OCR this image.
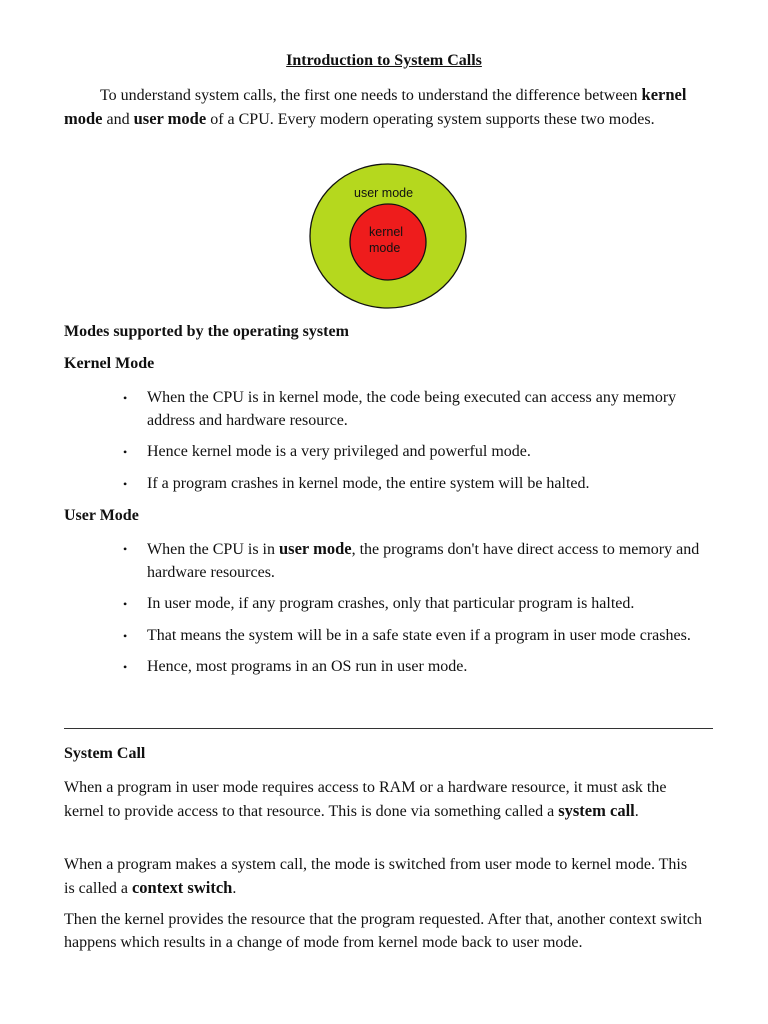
Introduction to System Calls

To understand system calls, the first one needs to understand the difference between kernel mode and user mode of a CPU. Every modern operating system supports these two modes.

user mode
kernel
mode
Modes supported by the operating system
Kernel Mode
• When the CPU is in kernel mode, the code being executed can access any memory address and hardware resource.
• Hence kernel mode is a very privileged and powerful mode.
• If a program crashes in kernel mode, the entire system will be halted.
User Mode
• When the CPU is in user mode, the programs don't have direct access to memory and hardware resources.
• In user mode, if any program crashes, only that particular program is halted.
• That means the system will be in a safe state even if a program in user mode crashes.
• Hence, most programs in an OS run in user mode.
System Call

When a program in user mode requires access to RAM or a hardware resource, it must ask the kernel to provide access to that resource. This is done via something called a system call.

When a program makes a system call, the mode is switched from user mode to kernel mode. This is called a context switch.

Then the kernel provides the resource that the program requested. After that, another context switch happens which results in a change of mode from kernel mode back to user mode.
